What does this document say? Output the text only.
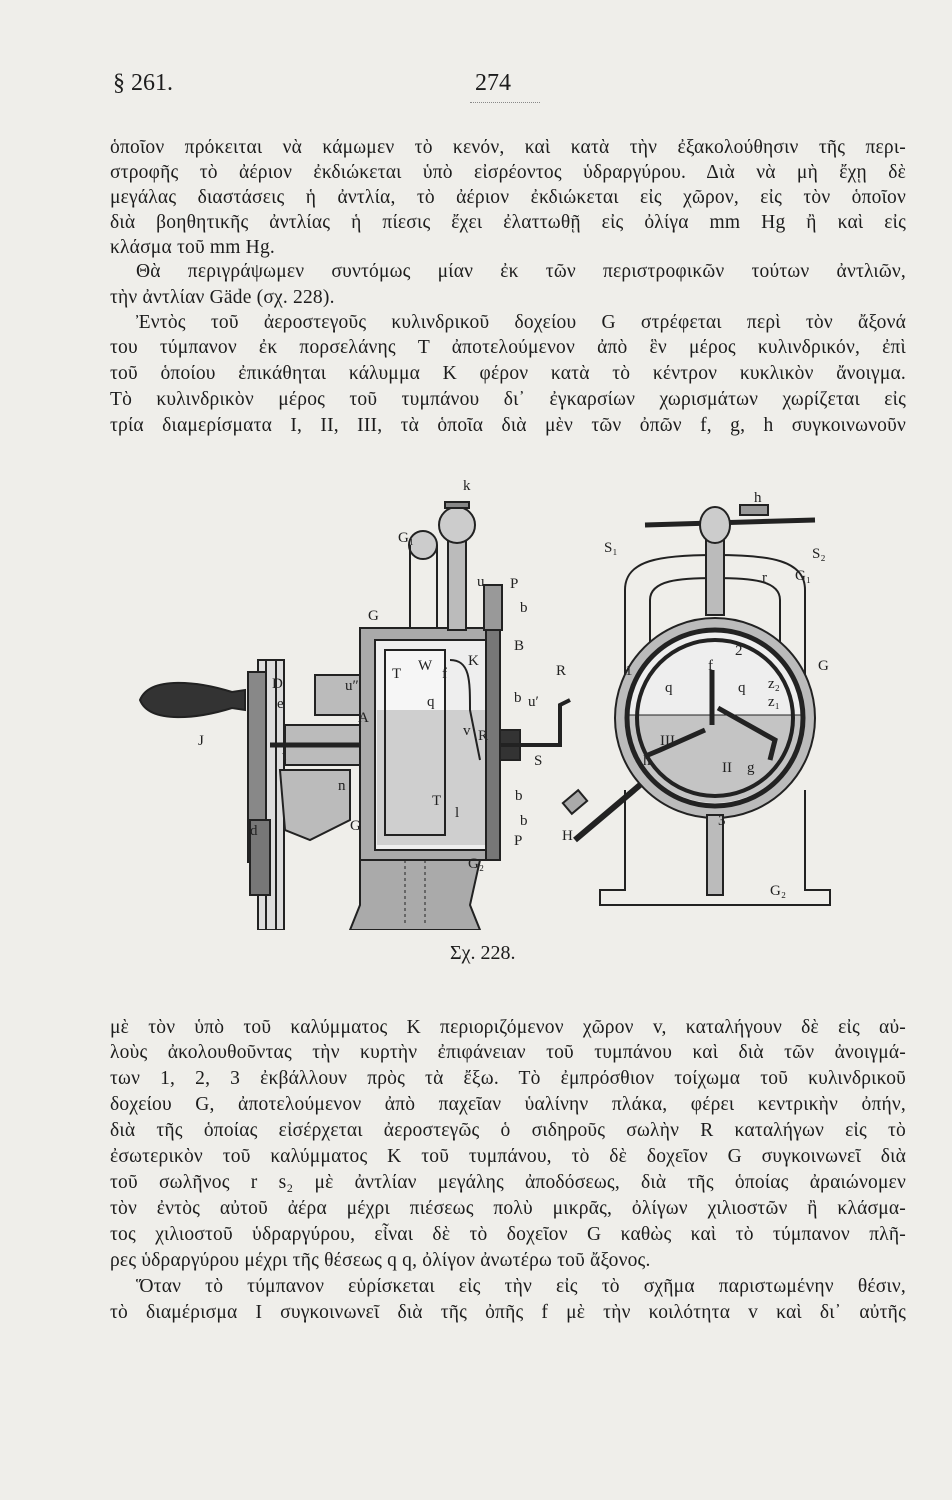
§ 261.	274
ὁποῖον πρόκειται νὰ κάμωμεν τὸ κενόν, καὶ κατὰ τὴν ἐξακολούθησιν τῆς περι-
στροφῆς τὸ ἀέριον ἐκδιώκεται ὑπὸ εἰσρέοντος ὑδραργύρου. Διὰ νὰ μὴ ἔχῃ δὲ
μεγάλας διαστάσεις ἡ ἀντλία, τὸ ἀέριον ἐκδιώκεται εἰς χῶρον, εἰς τὸν ὁποῖον
διὰ βοηθητικῆς ἀντλίας ἡ πίεσις ἔχει ἐλαττωθῇ εἰς ὀλίγα mm Hg ἢ καὶ εἰς
κλάσμα τοῦ mm Hg.
Θὰ περιγράψωμεν συντόμως μίαν ἐκ τῶν περιστροφικῶν τούτων ἀντλιῶν,
τὴν ἀντλίαν Gäde (σχ. 228).
Ἐντὸς τοῦ ἀεροστεγοῦς κυλινδρικοῦ δοχείου G στρέφεται περὶ τὸν ἄξονά
του τύμπανον ἐκ πορσελάνης T ἀποτελούμενον ἀπὸ ἓν μέρος κυλινδρικόν, ἐπὶ
τοῦ ὁποίου ἐπικάθηται κάλυμμα K φέρον κατὰ τὸ κέντρον κυκλικὸν ἄνοιγμα.
Τὸ κυλινδρικὸν μέρος τοῦ τυμπάνου δι᾽ ἐγκαρσίων χωρισμάτων χωρίζεται εἰς
τρία διαμερίσματα I, II, III, τὰ ὁποῖα διὰ μὲν τῶν ὀπῶν f, g, h συγκοινωνοῦν
k
G₁
G
u P
b
B
K
T W f
D	u″
e	q
A
R
b u′
J
t
v
S
n
T	b
l
d	G	b
P
G₂
R
h
S₁	S₂
r G₁
2
G
1	f
I
q	q z₂
z₁
III
h	II g
3
H
G₂
Σχ. 228.
μὲ τὸν ὑπὸ τοῦ καλύμματος K περιοριζόμενον χῶρον v, καταλήγουν δὲ εἰς αὐ-
λοὺς ἀκολουθοῦντας τὴν κυρτὴν ἐπιφάνειαν τοῦ τυμπάνου καὶ διὰ τῶν ἀνοιγμά-
των 1, 2, 3 ἐκβάλλουν πρὸς τὰ ἔξω. Τὸ ἐμπρόσθιον τοίχωμα τοῦ κυλινδρικοῦ
δοχείου G, ἀποτελούμενον ἀπὸ παχεῖαν ὑαλίνην πλάκα, φέρει κεντρικὴν ὀπήν,
διὰ τῆς ὁποίας εἰσέρχεται ἀεροστεγῶς ὁ σιδηροῦς σωλὴν R καταλήγων εἰς τὸ
ἐσωτερικὸν τοῦ καλύμματος K τοῦ τυμπάνου, τὸ δὲ δοχεῖον G συγκοινωνεῖ διὰ
τοῦ σωλῆνος r s₂ μὲ ἀντλίαν μεγάλης ἀποδόσεως, διὰ τῆς ὁποίας ἀραιώνομεν
τὸν ἐντὸς αὐτοῦ ἀέρα μέχρι πιέσεως πολὺ μικρᾶς, ὀλίγων χιλιοστῶν ἢ κλάσμα-
τος χιλιοστοῦ ὑδραργύρου, εἶναι δὲ τὸ δοχεῖον G καθὼς καὶ τὸ τύμπανον πλῆ-
ρες ὑδραργύρου μέχρι τῆς θέσεως q q, ὀλίγον ἀνωτέρω τοῦ ἄξονος.
Ὅταν τὸ τύμπανον εὑρίσκεται εἰς τὴν εἰς τὸ σχῆμα παριστωμένην θέσιν,
τὸ διαμέρισμα I συγκοινωνεῖ διὰ τῆς ὀπῆς f μὲ τὴν κοιλότητα v καὶ δι᾽ αὐτῆς
